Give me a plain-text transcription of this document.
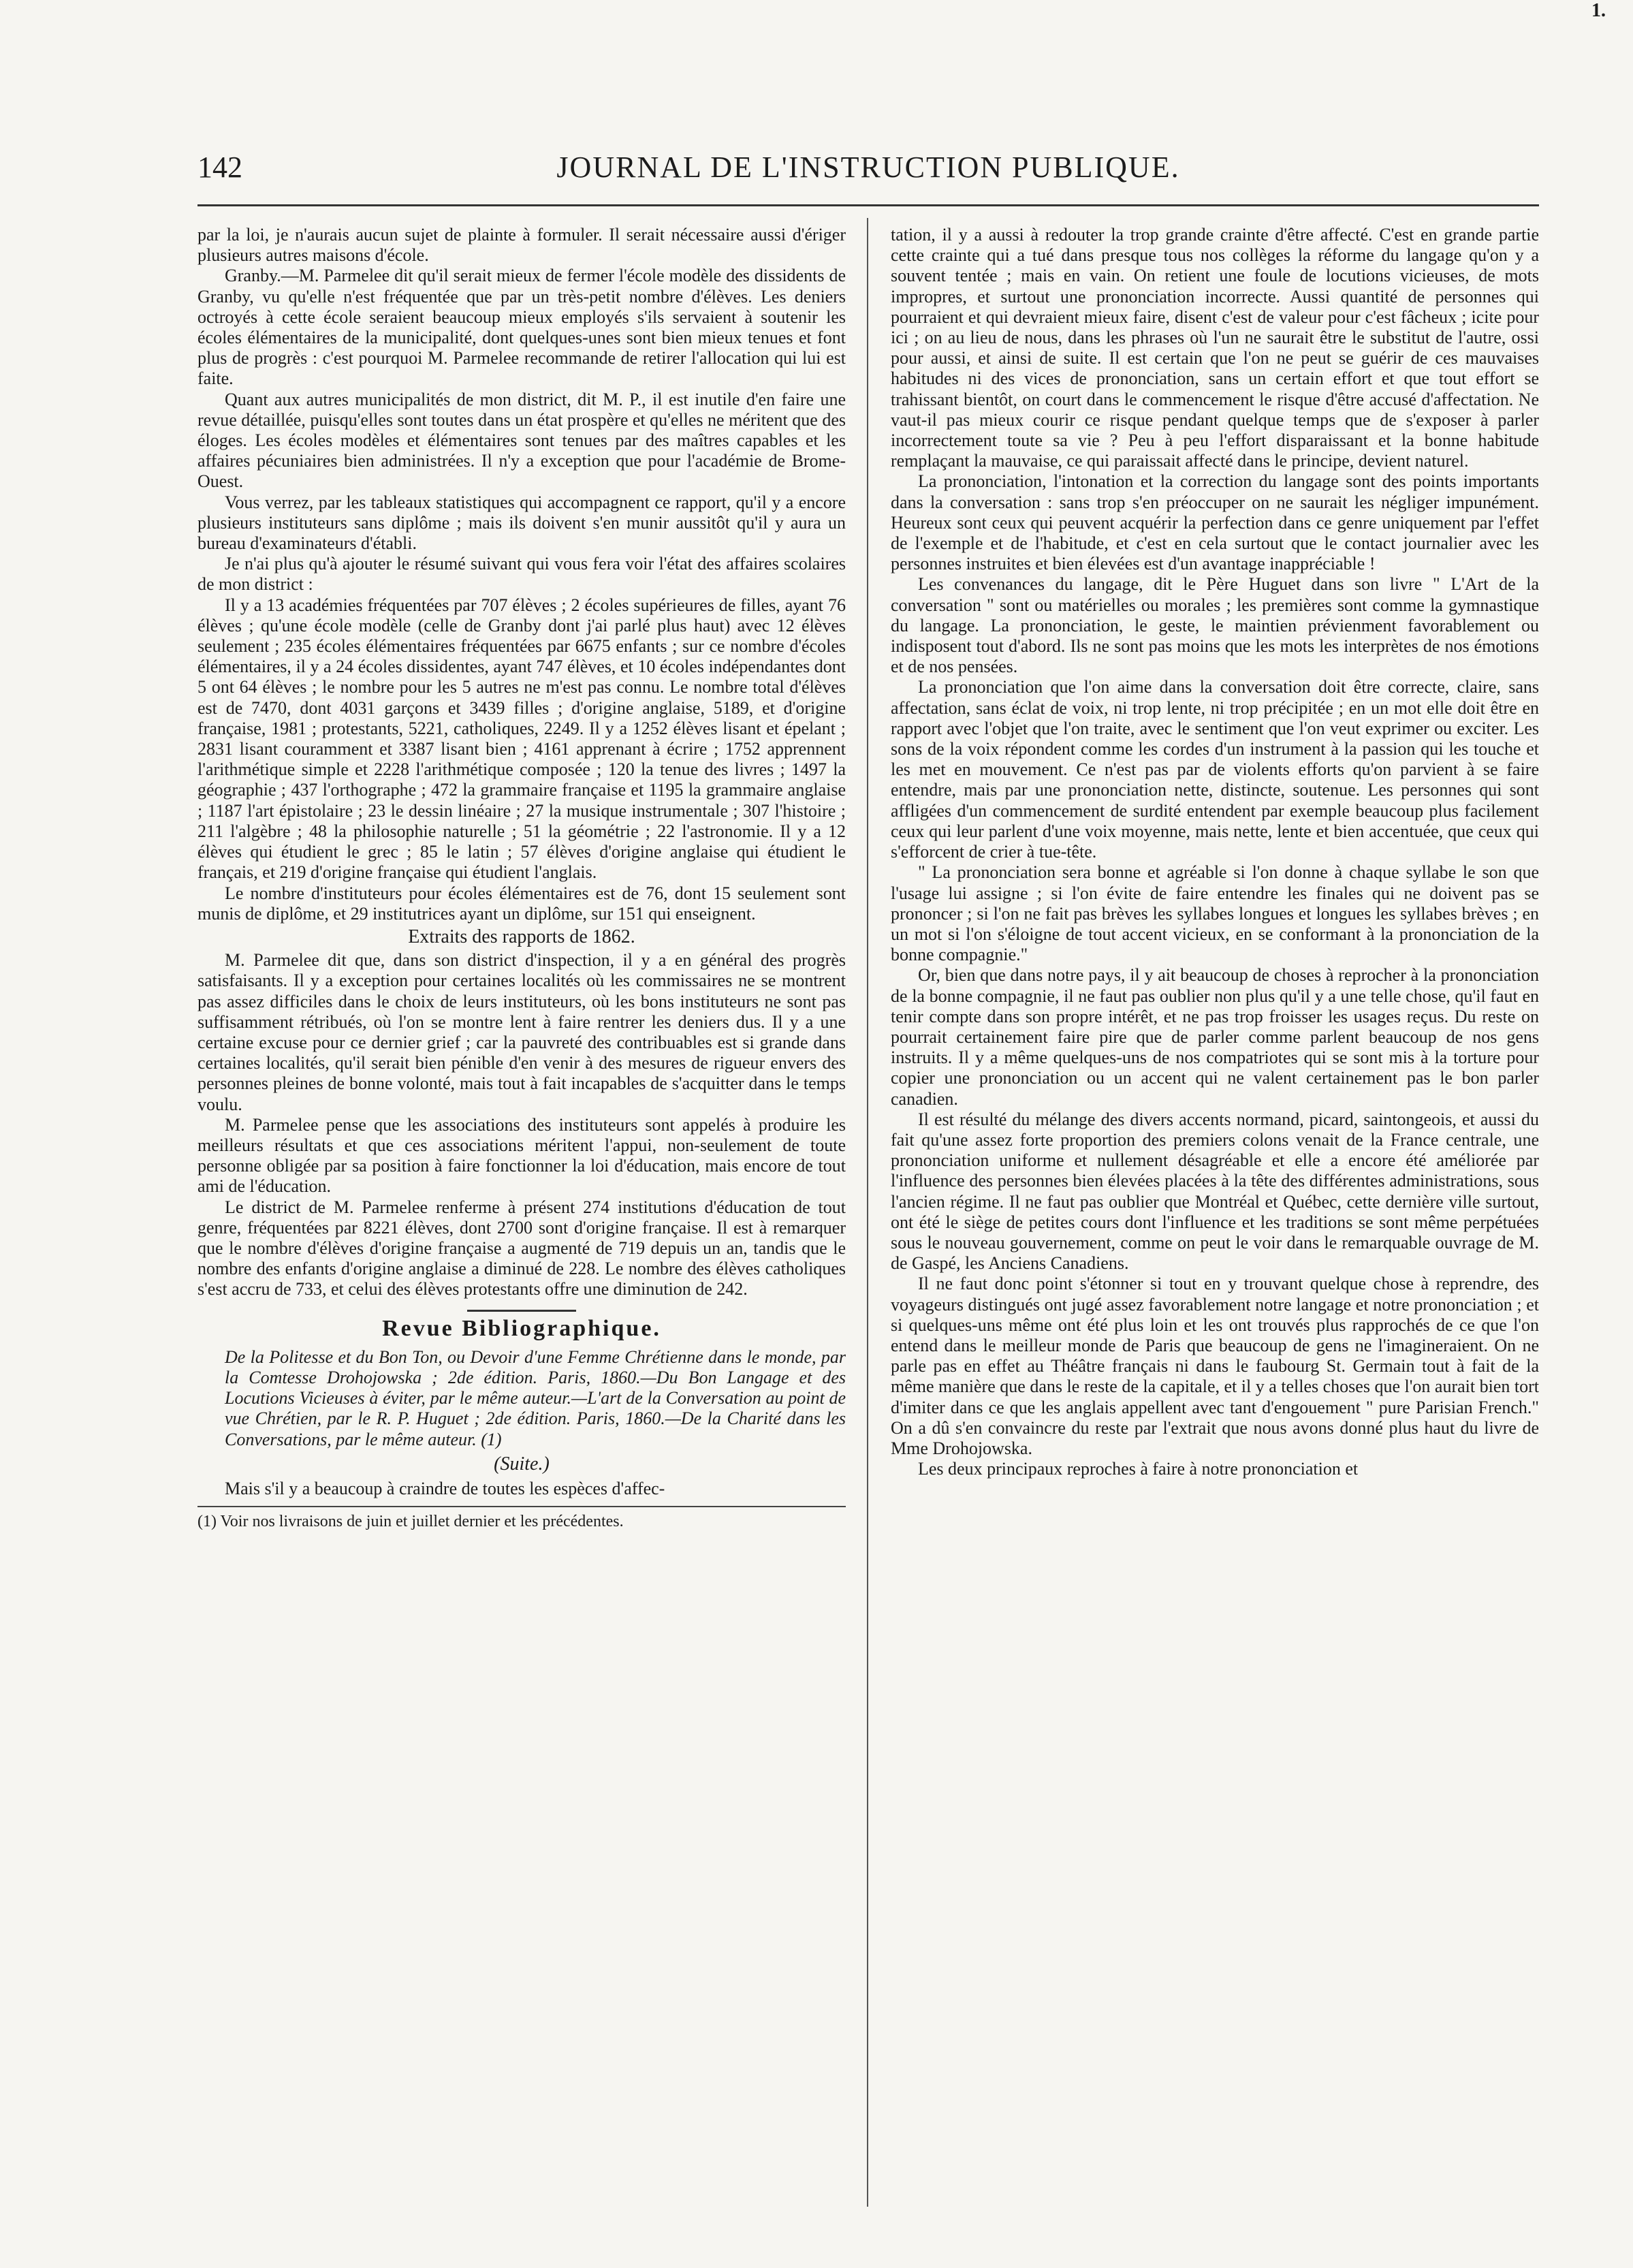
1.
142	JOURNAL DE L'INSTRUCTION PUBLIQUE.

par la loi, je n'aurais aucun sujet de plainte à formuler. Il serait nécessaire aussi d'ériger plusieurs autres maisons d'école.

Granby.—M. Parmelee dit qu'il serait mieux de fermer l'école modèle des dissidents de Granby, vu qu'elle n'est fréquentée que par un très-petit nombre d'élèves. Les deniers octroyés à cette école seraient beaucoup mieux employés s'ils servaient à soutenir les écoles élémentaires de la municipalité, dont quelques-unes sont bien mieux tenues et font plus de progrès : c'est pourquoi M. Parmelee recommande de retirer l'allocation qui lui est faite.

Quant aux autres municipalités de mon district, dit M. P., il est inutile d'en faire une revue détaillée, puisqu'elles sont toutes dans un état prospère et qu'elles ne méritent que des éloges. Les écoles modèles et élémentaires sont tenues par des maîtres capables et les affaires pécuniaires bien administrées. Il n'y a exception que pour l'académie de Brome-Ouest.

Vous verrez, par les tableaux statistiques qui accompagnent ce rapport, qu'il y a encore plusieurs instituteurs sans diplôme ; mais ils doivent s'en munir aussitôt qu'il y aura un bureau d'examinateurs d'établi.

Je n'ai plus qu'à ajouter le résumé suivant qui vous fera voir l'état des affaires scolaires de mon district :

Il y a 13 académies fréquentées par 707 élèves ; 2 écoles supérieures de filles, ayant 76 élèves ; qu'une école modèle (celle de Granby dont j'ai parlé plus haut) avec 12 élèves seulement ; 235 écoles élémentaires fréquentées par 6675 enfants ; sur ce nombre d'écoles élémentaires, il y a 24 écoles dissidentes, ayant 747 élèves, et 10 écoles indépendantes dont 5 ont 64 élèves ; le nombre pour les 5 autres ne m'est pas connu. Le nombre total d'élèves est de 7470, dont 4031 garçons et 3439 filles ; d'origine anglaise, 5189, et d'origine française, 1981 ; protestants, 5221, catholiques, 2249. Il y a 1252 élèves lisant et épelant ; 2831 lisant couramment et 3387 lisant bien ; 4161 apprenant à écrire ; 1752 apprennent l'arithmétique simple et 2228 l'arithmétique composée ; 120 la tenue des livres ; 1497 la géographie ; 437 l'orthographe ; 472 la grammaire française et 1195 la grammaire anglaise ; 1187 l'art épistolaire ; 23 le dessin linéaire ; 27 la musique instrumentale ; 307 l'histoire ; 211 l'algèbre ; 48 la philosophie naturelle ; 51 la géométrie ; 22 l'astronomie. Il y a 12 élèves qui étudient le grec ; 85 le latin ; 57 élèves d'origine anglaise qui étudient le français, et 219 d'origine française qui étudient l'anglais.

Le nombre d'instituteurs pour écoles élémentaires est de 76, dont 15 seulement sont munis de diplôme, et 29 institutrices ayant un diplôme, sur 151 qui enseignent.

Extraits des rapports de 1862.

M. Parmelee dit que, dans son district d'inspection, il y a en général des progrès satisfaisants. Il y a exception pour certaines localités où les commissaires ne se montrent pas assez difficiles dans le choix de leurs instituteurs, où les bons instituteurs ne sont pas suffisamment rétribués, où l'on se montre lent à faire rentrer les deniers dus. Il y a une certaine excuse pour ce dernier grief ; car la pauvreté des contribuables est si grande dans certaines localités, qu'il serait bien pénible d'en venir à des mesures de rigueur envers des personnes pleines de bonne volonté, mais tout à fait incapables de s'acquitter dans le temps voulu.

M. Parmelee pense que les associations des instituteurs sont appelés à produire les meilleurs résultats et que ces associations méritent l'appui, non-seulement de toute personne obligée par sa position à faire fonctionner la loi d'éducation, mais encore de tout ami de l'éducation.

Le district de M. Parmelee renferme à présent 274 institutions d'éducation de tout genre, fréquentées par 8221 élèves, dont 2700 sont d'origine française. Il est à remarquer que le nombre d'élèves d'origine française a augmenté de 719 depuis un an, tandis que le nombre des enfants d'origine anglaise a diminué de 228. Le nombre des élèves catholiques s'est accru de 733, et celui des élèves protestants offre une diminution de 242.

Revue Bibliographique.

De la Politesse et du Bon Ton, ou Devoir d'une Femme Chrétienne dans le monde, par la Comtesse Drohojowska ; 2de édition. Paris, 1860.—Du Bon Langage et des Locutions Vicieuses à éviter, par le même auteur.—L'art de la Conversation au point de vue Chrétien, par le R. P. Huguet ; 2de édition. Paris, 1860.—De la Charité dans les Conversations, par le même auteur. (1)

(Suite.)

Mais s'il y a beaucoup à craindre de toutes les espèces d'affec-

(1) Voir nos livraisons de juin et juillet dernier et les précédentes.

tation, il y a aussi à redouter la trop grande crainte d'être affecté. C'est en grande partie cette crainte qui a tué dans presque tous nos collèges la réforme du langage qu'on y a souvent tentée ; mais en vain. On retient une foule de locutions vicieuses, de mots impropres, et surtout une prononciation incorrecte. Aussi quantité de personnes qui pourraient et qui devraient mieux faire, disent c'est de valeur pour c'est fâcheux ; icite pour ici ; on au lieu de nous, dans les phrases où l'un ne saurait être le substitut de l'autre, ossi pour aussi, et ainsi de suite. Il est certain que l'on ne peut se guérir de ces mauvaises habitudes ni des vices de prononciation, sans un certain effort et que tout effort se trahissant bientôt, on court dans le commencement le risque d'être accusé d'affectation. Ne vaut-il pas mieux courir ce risque pendant quelque temps que de s'exposer à parler incorrectement toute sa vie ? Peu à peu l'effort disparaissant et la bonne habitude remplaçant la mauvaise, ce qui paraissait affecté dans le principe, devient naturel.

La prononciation, l'intonation et la correction du langage sont des points importants dans la conversation : sans trop s'en préoccuper on ne saurait les négliger impunément. Heureux sont ceux qui peuvent acquérir la perfection dans ce genre uniquement par l'effet de l'exemple et de l'habitude, et c'est en cela surtout que le contact journalier avec les personnes instruites et bien élevées est d'un avantage inappréciable !

Les convenances du langage, dit le Père Huguet dans son livre " L'Art de la conversation " sont ou matérielles ou morales ; les premières sont comme la gymnastique du langage. La prononciation, le geste, le maintien prévienment favorablement ou indisposent tout d'abord. Ils ne sont pas moins que les mots les interprètes de nos émotions et de nos pensées.

La prononciation que l'on aime dans la conversation doit être correcte, claire, sans affectation, sans éclat de voix, ni trop lente, ni trop précipitée ; en un mot elle doit être en rapport avec l'objet que l'on traite, avec le sentiment que l'on veut exprimer ou exciter. Les sons de la voix répondent comme les cordes d'un instrument à la passion qui les touche et les met en mouvement. Ce n'est pas par de violents efforts qu'on parvient à se faire entendre, mais par une prononciation nette, distincte, soutenue. Les personnes qui sont affligées d'un commencement de surdité entendent par exemple beaucoup plus facilement ceux qui leur parlent d'une voix moyenne, mais nette, lente et bien accentuée, que ceux qui s'efforcent de crier à tue-tête.

" La prononciation sera bonne et agréable si l'on donne à chaque syllabe le son que l'usage lui assigne ; si l'on évite de faire entendre les finales qui ne doivent pas se prononcer ; si l'on ne fait pas brèves les syllabes longues et longues les syllabes brèves ; en un mot si l'on s'éloigne de tout accent vicieux, en se conformant à la prononciation de la bonne compagnie."

Or, bien que dans notre pays, il y ait beaucoup de choses à reprocher à la prononciation de la bonne compagnie, il ne faut pas oublier non plus qu'il y a une telle chose, qu'il faut en tenir compte dans son propre intérêt, et ne pas trop froisser les usages reçus. Du reste on pourrait certainement faire pire que de parler comme parlent beaucoup de nos gens instruits. Il y a même quelques-uns de nos compatriotes qui se sont mis à la torture pour copier une prononciation ou un accent qui ne valent certainement pas le bon parler canadien.

Il est résulté du mélange des divers accents normand, picard, saintongeois, et aussi du fait qu'une assez forte proportion des premiers colons venait de la France centrale, une prononciation uniforme et nullement désagréable et elle a encore été améliorée par l'influence des personnes bien élevées placées à la tête des différentes administrations, sous l'ancien régime. Il ne faut pas oublier que Montréal et Québec, cette dernière ville surtout, ont été le siège de petites cours dont l'influence et les traditions se sont même perpétuées sous le nouveau gouvernement, comme on peut le voir dans le remarquable ouvrage de M. de Gaspé, les Anciens Canadiens.

Il ne faut donc point s'étonner si tout en y trouvant quelque chose à reprendre, des voyageurs distingués ont jugé assez favorablement notre langage et notre prononciation ; et si quelques-uns même ont été plus loin et les ont trouvés plus rapprochés de ce que l'on entend dans le meilleur monde de Paris que beaucoup de gens ne l'imagineraient. On ne parle pas en effet au Théâtre français ni dans le faubourg St. Germain tout à fait de la même manière que dans le reste de la capitale, et il y a telles choses que l'on aurait bien tort d'imiter dans ce que les anglais appellent avec tant d'engouement " pure Parisian French." On a dû s'en convaincre du reste par l'extrait que nous avons donné plus haut du livre de Mme Drohojowska.

Les deux principaux reproches à faire à notre prononciation et
